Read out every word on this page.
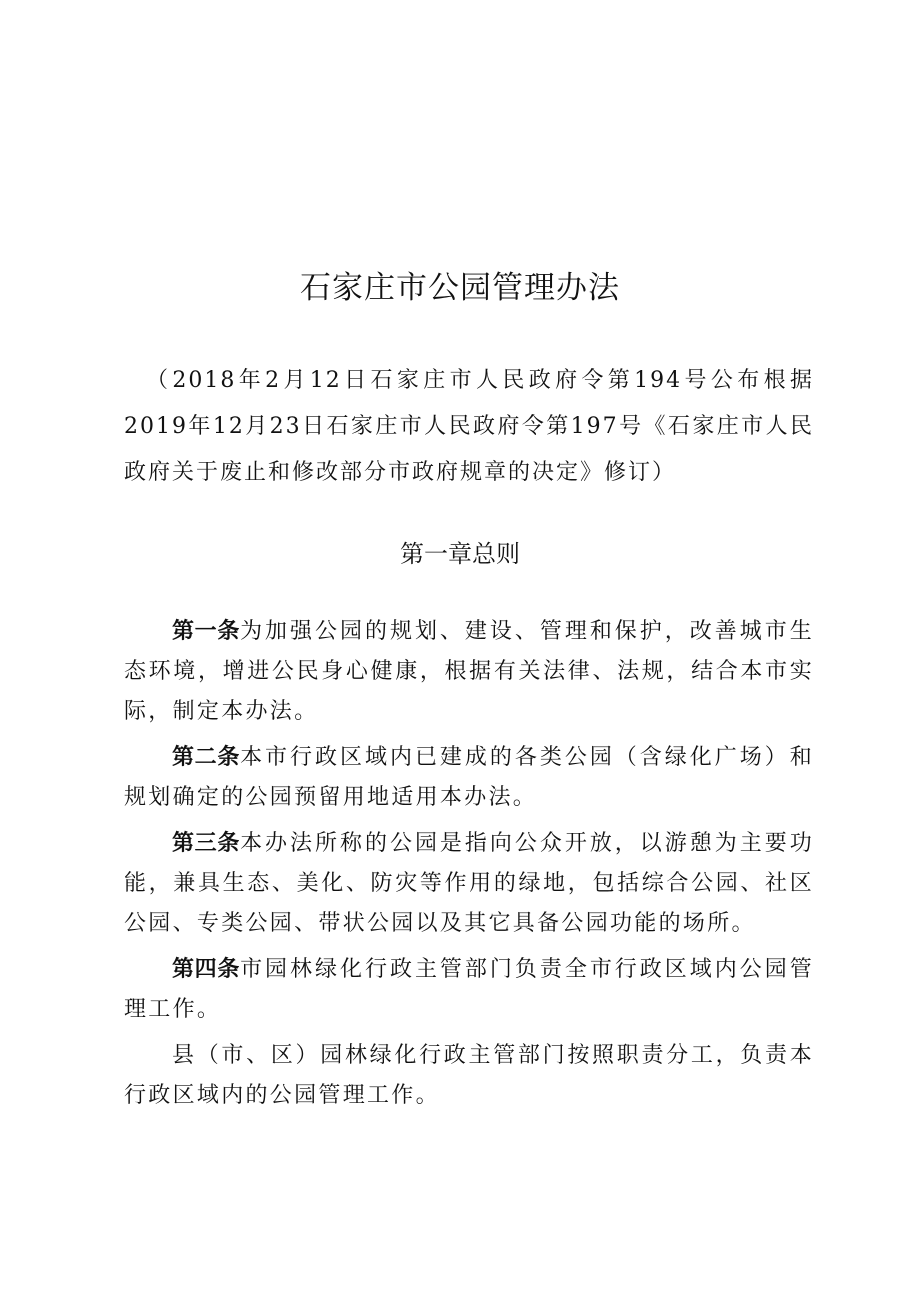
石家庄市公园管理办法
（2018年2月12日石家庄市人民政府令第194号公布根据2019年12月23日石家庄市人民政府令第197号《石家庄市人民政府关于废止和修改部分市政府规章的决定》修订）
第一章总则

第一条为加强公园的规划、建设、管理和保护，改善城市生态环境，增进公民身心健康，根据有关法律、法规，结合本市实际，制定本办法。

第二条本市行政区域内已建成的各类公园（含绿化广场）和规划确定的公园预留用地适用本办法。

第三条本办法所称的公园是指向公众开放，以游憩为主要功能，兼具生态、美化、防灾等作用的绿地，包括综合公园、社区公园、专类公园、带状公园以及其它具备公园功能的场所。

第四条市园林绿化行政主管部门负责全市行政区域内公园管理工作。

县（市、区）园林绿化行政主管部门按照职责分工，负责本行政区域内的公园管理工作。
